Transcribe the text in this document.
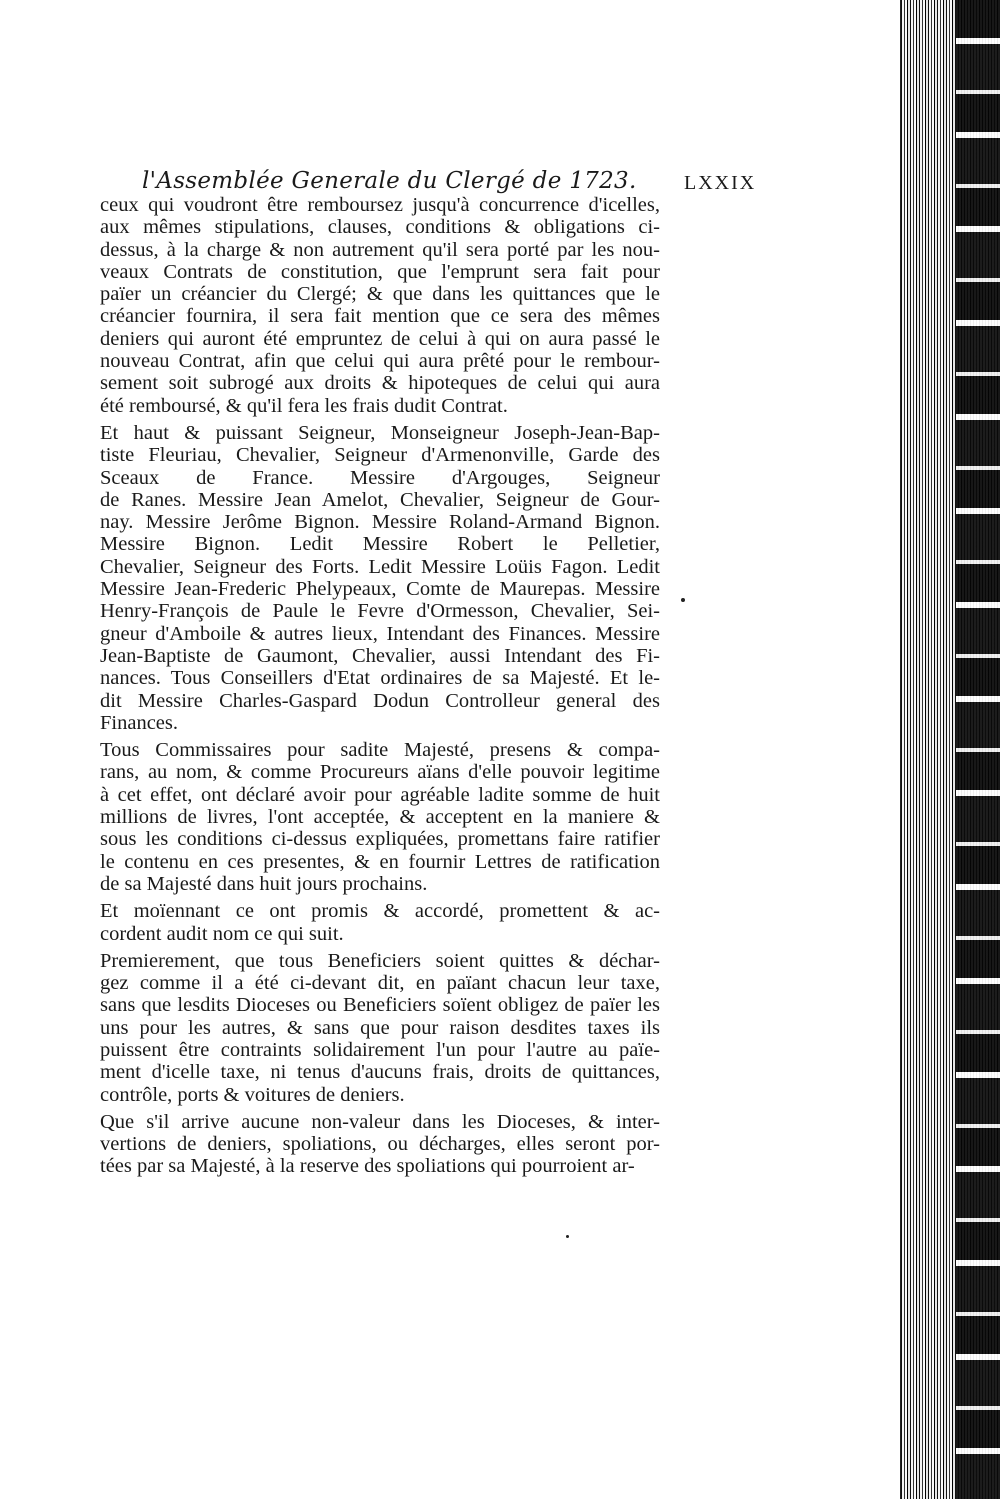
l'Assemblée Generale du Clergé de 1723. LXXIX
ceux qui voudront être remboursez jusqu'à concurrence d'icelles,
aux mêmes stipulations, clauses, conditions & obligations ci-
dessus, à la charge & non autrement qu'il sera porté par les nou-
veaux Contrats de constitution, que l'emprunt sera fait pour
païer un créancier du Clergé; & que dans les quittances que le
créancier fournira, il sera fait mention que ce sera des mêmes
deniers qui auront été empruntez de celui à qui on aura passé le
nouveau Contrat, afin que celui qui aura prêté pour le rembour-
sement soit subrogé aux droits & hipoteques de celui qui aura
été remboursé, & qu'il fera les frais dudit Contrat.
Et haut & puissant Seigneur, Monseigneur Joseph-Jean-Bap-
tiste Fleuriau, Chevalier, Seigneur d'Armenonville, Garde des
Sceaux de France. Messire d'Argouges, Seigneur
de Ranes. Messire Jean Amelot, Chevalier, Seigneur de Gour-
nay. Messire Jerôme Bignon. Messire Roland-Armand Bignon.
Messire Bignon. Ledit Messire Robert le Pelletier,
Chevalier, Seigneur des Forts. Ledit Messire Loüis Fagon. Ledit
Messire Jean-Frederic Phelypeaux, Comte de Maurepas. Messire
Henry-François de Paule le Fevre d'Ormesson, Chevalier, Sei-
gneur d'Amboile & autres lieux, Intendant des Finances. Messire
Jean-Baptiste de Gaumont, Chevalier, aussi Intendant des Fi-
nances. Tous Conseillers d'Etat ordinaires de sa Majesté. Et le-
dit Messire Charles-Gaspard Dodun Controlleur general des
Finances.
Tous Commissaires pour sadite Majesté, presens & compa-
rans, au nom, & comme Procureurs aïans d'elle pouvoir legitime
à cet effet, ont déclaré avoir pour agréable ladite somme de huit
millions de livres, l'ont acceptée, & acceptent en la maniere &
sous les conditions ci-dessus expliquées, promettans faire ratifier
le contenu en ces presentes, & en fournir Lettres de ratification
de sa Majesté dans huit jours prochains.
Et moïennant ce ont promis & accordé, promettent & ac-
cordent audit nom ce qui suit.
Premierement, que tous Beneficiers soient quittes & déchar-
gez comme il a été ci-devant dit, en païant chacun leur taxe,
sans que lesdits Dioceses ou Beneficiers soïent obligez de païer les
uns pour les autres, & sans que pour raison desdites taxes ils
puissent être contraints solidairement l'un pour l'autre au païe-
ment d'icelle taxe, ni tenus d'aucuns frais, droits de quittances,
contrôle, ports & voitures de deniers.
Que s'il arrive aucune non-valeur dans les Dioceses, & inter-
vertions de deniers, spoliations, ou décharges, elles seront por-
tées par sa Majesté, à la reserve des spoliations qui pourroient ar-
